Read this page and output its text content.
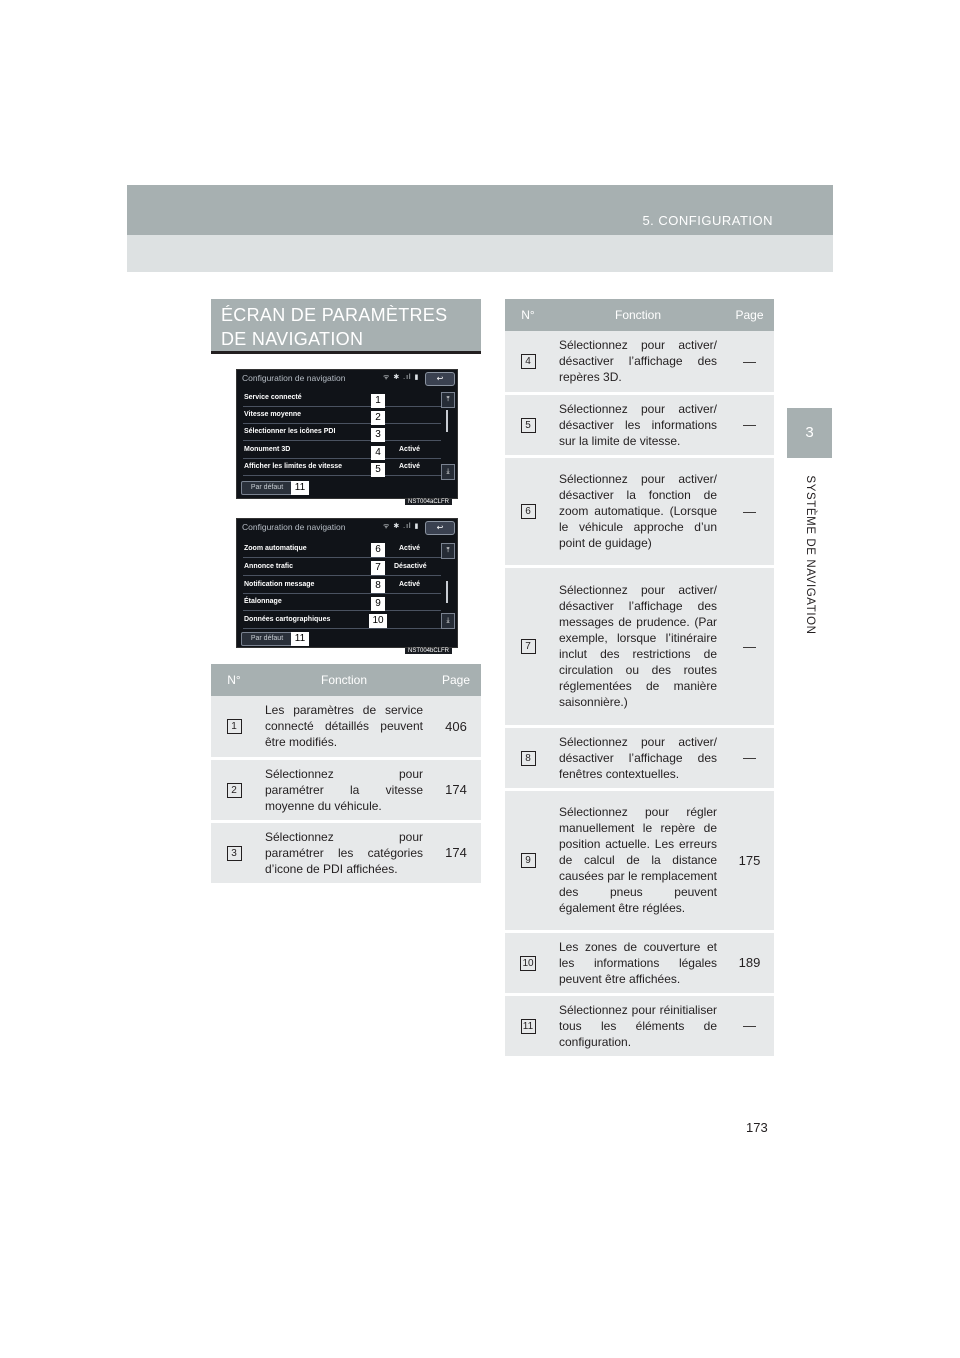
5. CONFIGURATION
3
SYSTÈME DE NAVIGATION
ÉCRAN DE PARAMÈTRES DE NAVIGATION
Configuration de navigation	ᯤ ✱ .ıl ▮	↩
Service connecté	1
Vitesse moyenne	2
Sélectionner les icônes PDI	3
Monument 3D	Activé
4
Afficher les limites de vitesse	Activé
5
Par défaut	11
⤒
⤓
NST004aCLFR
Configuration de navigation	ᯤ ✱ .ıl ▮	↩
Zoom automatique	Activé
6
Annonce trafic	Désactivé
7
Notification message	Activé
8
Étalonnage	9
Données cartographiques	10
Par défaut	11
⤒
⤓
NST004bCLFR
N°	Fonction	Page
1	Les paramètres de service connecté détaillés peuvent être modifiés.	406
2	Sélectionnez pour paramétrer la vitesse moyenne du véhicule.	174
3	Sélectionnez pour paramétrer les catégories d’icone de PDI affichées.	174
N°	Fonction	Page
4	Sélectionnez pour activer/ désactiver l’affichage des repères 3D.	—
5	Sélectionnez pour activer/ désactiver les informations sur la limite de vitesse.	—
6	Sélectionnez pour activer/ désactiver la fonction de zoom automatique. (Lorsque le véhicule approche d’un point de guidage)	—
7	Sélectionnez pour activer/ désactiver l’affichage des messages de prudence. (Par exemple, lorsque l’itinéraire inclut des restrictions de circulation ou des routes réglementées de manière saisonnière.)	—
8	Sélectionnez pour activer/ désactiver l’affichage des fenêtres contextuelles.	—
9	Sélectionnez pour régler manuellement le repère de position actuelle. Les erreurs de calcul de la distance causées par le remplacement des pneus peuvent également être réglées.	175
10	Les zones de couverture et les informations légales peuvent être affichées.	189
11	Sélectionnez pour réinitialiser tous les éléments de configuration.	—
173
